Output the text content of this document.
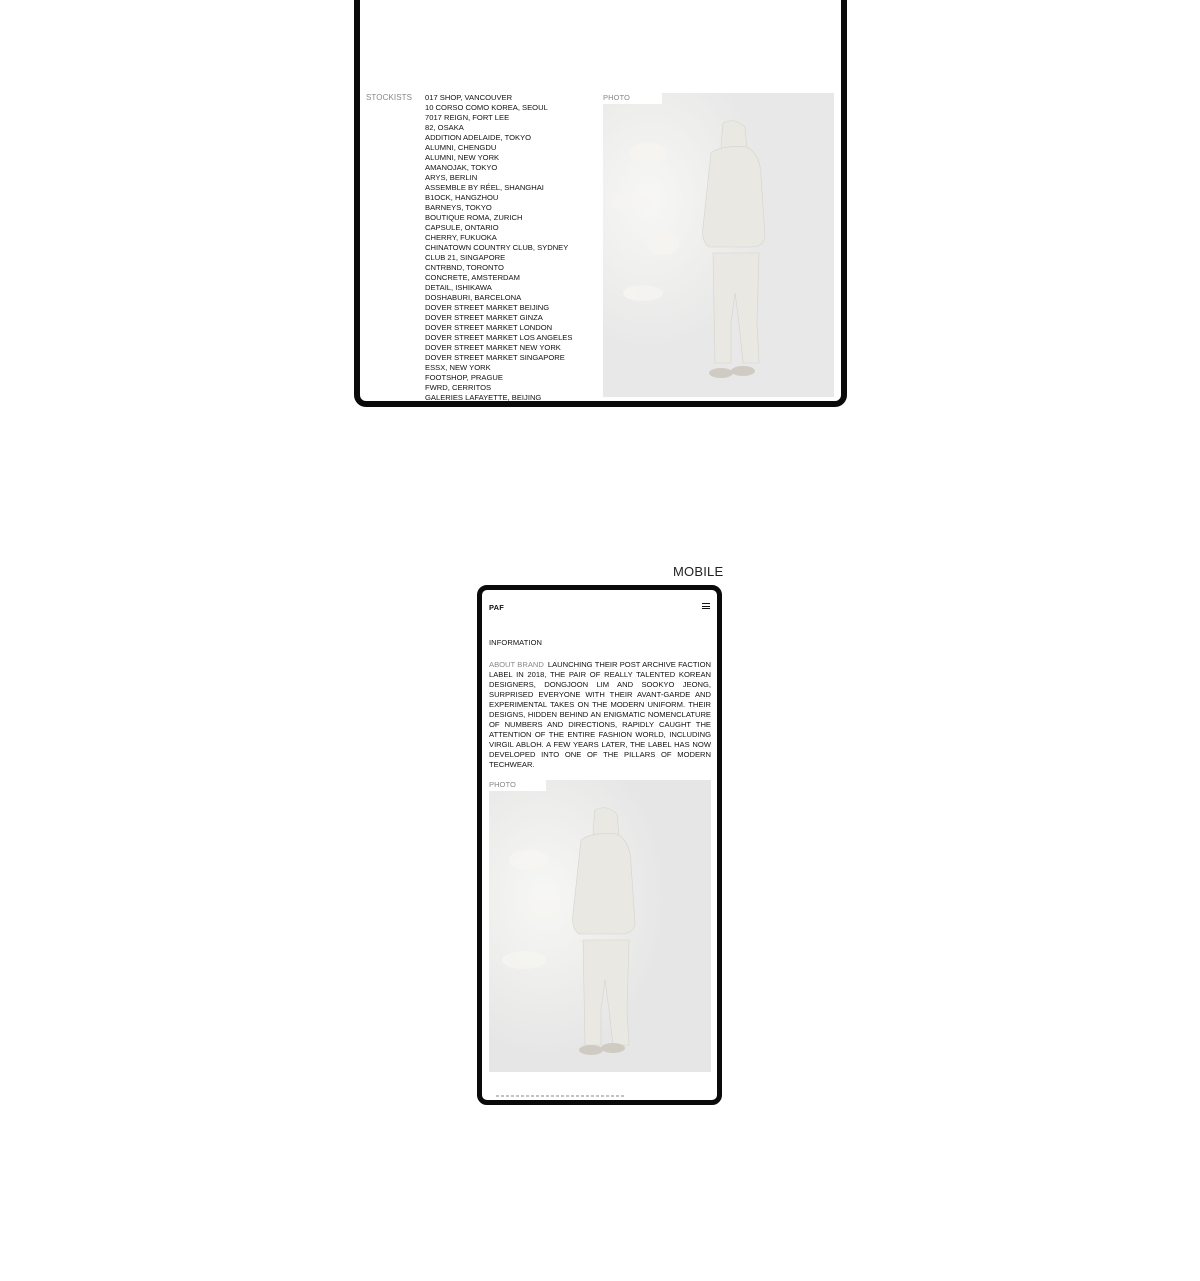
STOCKISTS 017 SHOP, VANCOUVER
10 CORSO COMO KOREA, SEOUL
7017 REIGN, FORT LEE
82, OSAKA
ADDITION ADELAIDE, TOKYO
ALUMNI, CHENGDU
ALUMNI, NEW YORK
AMANOJAK, TOKYO
ARYS, BERLIN
ASSEMBLE BY RÉEL, SHANGHAI
B1OCK, HANGZHOU
BARNEYS, TOKYO
BOUTIQUE ROMA, ZURICH
CAPSULE, ONTARIO
CHERRY, FUKUOKA
CHINATOWN COUNTRY CLUB, SYDNEY
CLUB 21, SINGAPORE
CNTRBND, TORONTO
CONCRETE, AMSTERDAM
DETAIL, ISHIKAWA
DOSHABURI, BARCELONA
DOVER STREET MARKET BEIJING
DOVER STREET MARKET GINZA
DOVER STREET MARKET LONDON
DOVER STREET MARKET LOS ANGELES
DOVER STREET MARKET NEW YORK
DOVER STREET MARKET SINGAPORE
ESSX, NEW YORK
FOOTSHOP, PRAGUE
FWRD, CERRITOS
GALERIES LAFAYETTE, BEIJING
PHOTO
MOBILE
PAF
INFORMATION

ABOUT BRAND LAUNCHING THEIR POST ARCHIVE FACTION LABEL IN 2018, THE PAIR OF REALLY TALENTED KOREAN DESIGNERS, DONGJOON LIM AND SOOKYO JEONG, SURPRISED EVERYONE WITH THEIR AVANT-GARDE AND EXPERIMENTAL TAKES ON THE MODERN UNIFORM. THEIR DESIGNS, HIDDEN BEHIND AN ENIGMATIC NOMENCLATURE OF NUMBERS AND DIRECTIONS, RAPIDLY CAUGHT THE ATTENTION OF THE ENTIRE FASHION WORLD, INCLUDING VIRGIL ABLOH. A FEW YEARS LATER, THE LABEL HAS NOW DEVELOPED INTO ONE OF THE PILLARS OF MODERN TECHWEAR.

PHOTO
